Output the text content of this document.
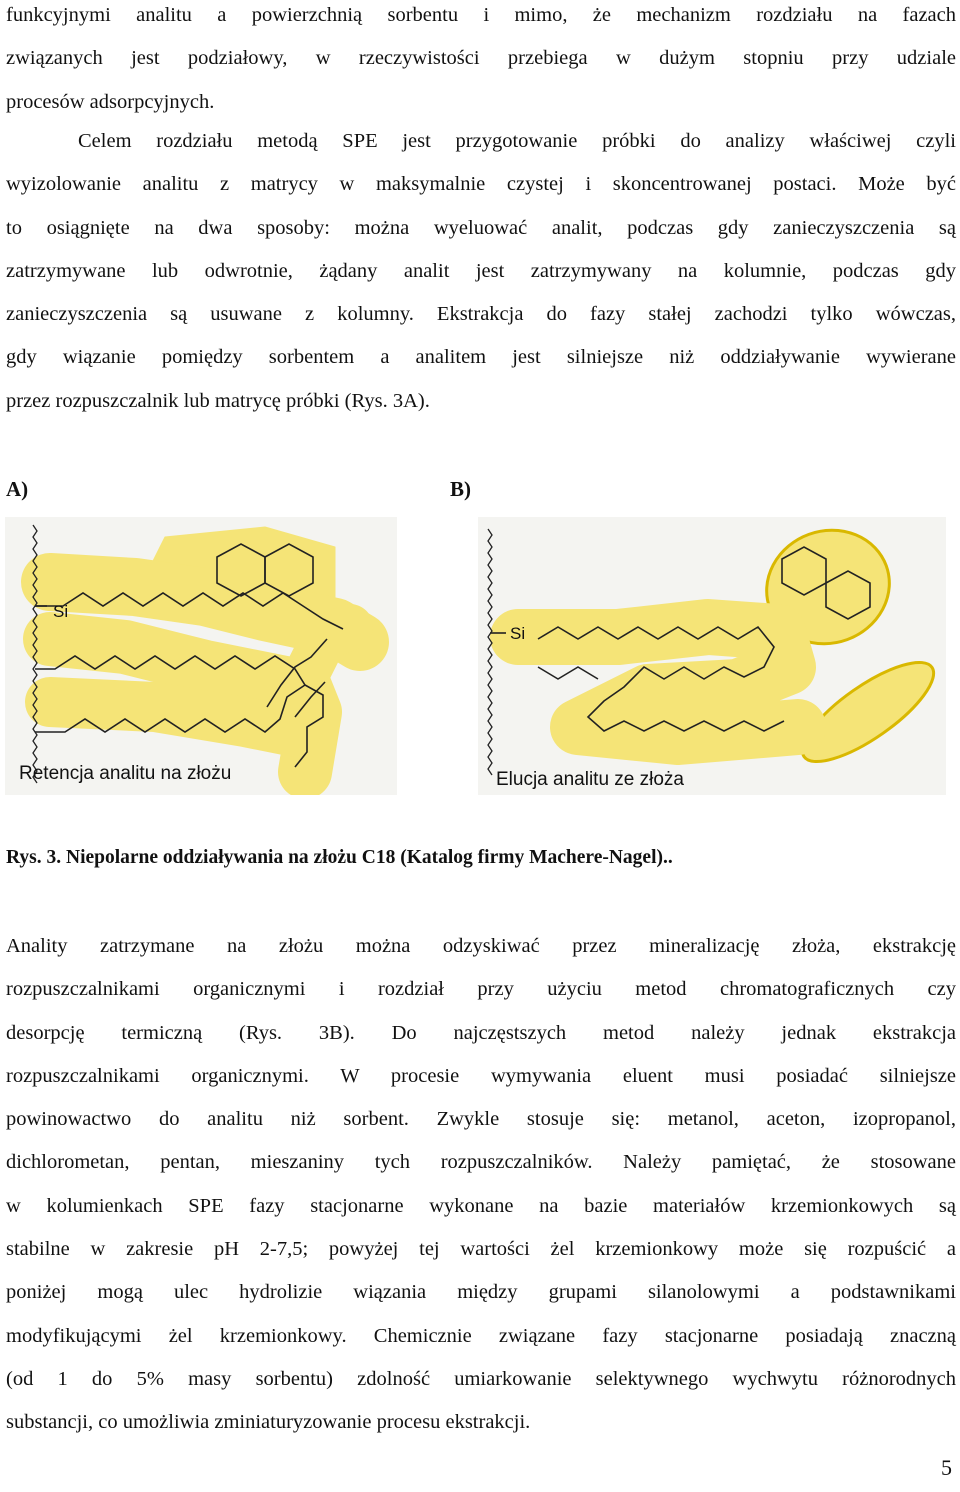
funkcyjnymi analitu a powierzchnią sorbentu i mimo, że mechanizm rozdziału na fazach
związanych jest podziałowy, w rzeczywistości przebiega w dużym stopniu przy udziale
procesów adsorpcyjnych.
Celem rozdziału metodą SPE jest przygotowanie próbki do analizy właściwej czyli
wyizolowanie analitu z matrycy w maksymalnie czystej i skoncentrowanej postaci. Może być
to osiągnięte na dwa sposoby: można wyeluować analit, podczas gdy zanieczyszczenia są
zatrzymywane lub odwrotnie, żądany analit jest zatrzymywany na kolumnie, podczas gdy
zanieczyszczenia są usuwane z kolumny. Ekstrakcja do fazy stałej zachodzi tylko wówczas,
gdy wiązanie pomiędzy sorbentem a analitem jest silniejsze niż oddziaływanie wywierane
przez rozpuszczalnik lub matrycę próbki (Rys. 3A).
A)	B)
Si
Retencja analitu na złożu
Si
Elucja analitu ze złoża
Rys. 3. Niepolarne oddziaływania na złożu C18 (Katalog firmy Machere-Nagel)..
Anality zatrzymane na złożu można odzyskiwać przez mineralizację złoża, ekstrakcję
rozpuszczalnikami organicznymi i rozdział przy użyciu metod chromatograficznych czy
desorpcję termiczną (Rys. 3B). Do najczęstszych metod należy jednak ekstrakcja
rozpuszczalnikami organicznymi. W procesie wymywania eluent musi posiadać silniejsze
powinowactwo do analitu niż sorbent. Zwykle stosuje się: metanol, aceton, izopropanol,
dichlorometan, pentan, mieszaniny tych rozpuszczalników. Należy pamiętać, że stosowane
w kolumienkach SPE fazy stacjonarne wykonane na bazie materiałów krzemionkowych są
stabilne w zakresie pH 2-7,5; powyżej tej wartości żel krzemionkowy może się rozpuścić a
poniżej mogą ulec hydrolizie wiązania między grupami silanolowymi a podstawnikami
modyfikującymi żel krzemionkowy. Chemicznie związane fazy stacjonarne posiadają znaczną
(od 1 do 5% masy sorbentu) zdolność umiarkowanie selektywnego wychwytu różnorodnych
substancji, co umożliwia zminiaturyzowanie procesu ekstrakcji.
5
